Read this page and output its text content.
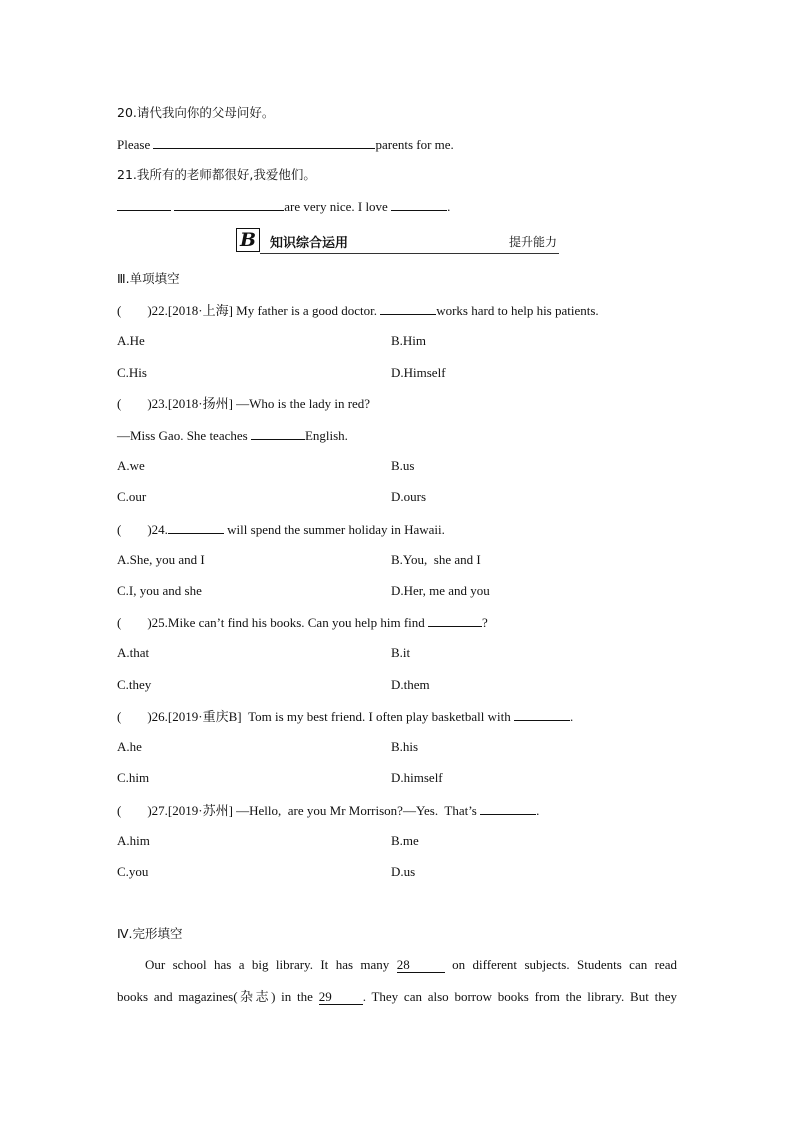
20.请代我向你的父母问好。
Please	parents for me.
21.我所有的老师都很好,我爱他们。
are very nice. I love	.
B 知识综合运用	提升能力
Ⅲ.单项填空
(        )22.[2018·上海] My father is a good doctor.	works hard to help his patients.
A.He	B.Him
C.His	D.Himself
(        )23.[2018·扬州] —Who is the lady in red?
—Miss Gao. She teaches	English.
A.we	B.us
C.our	D.ours
(        )24.	will spend the summer holiday in Hawaii.
A.She, you and I	B.You,  she and I
C.I, you and she	D.Her, me and you
(        )25.Mike can’t find his books. Can you help him find	?
A.that	B.it
C.they	D.them
(        )26.[2019·重庆B]  Tom is my best friend. I often play basketball with	.
A.he	B.his
C.him	D.himself
(        )27.[2019·苏州] —Hello,  are you Mr Morrison?—Yes.  That’s	.
A.him	B.me
C.you	D.us
Ⅳ.完形填空
Our school has a big library. It has many 28	on different subjects. Students can read
books and magazines(杂志) in the 29 . They can also borrow books from the library. But they
